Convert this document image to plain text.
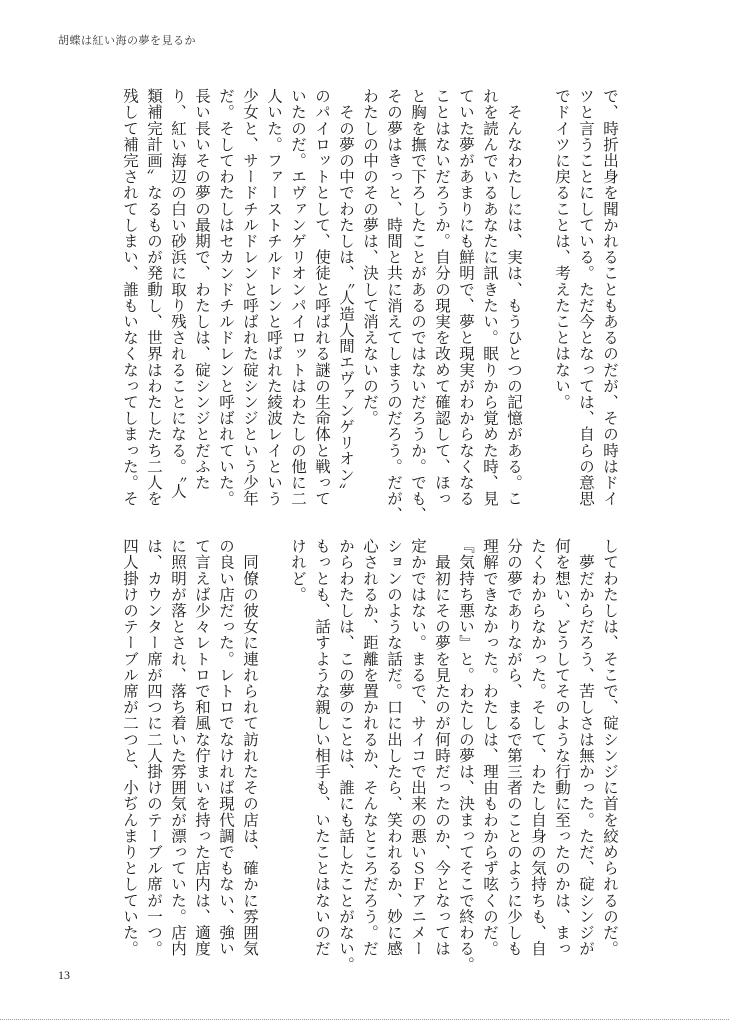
胡蝶は紅い海の夢を見るか
で、時折出身を聞かれることもあるのだが、その時はドイ
ツと言うことにしている。ただ今となっては、自らの意思
でドイツに戻ることは、考えたことはない。
　そんなわたしには、実は、もうひとつの記憶がある。こ
れを読んでいるあなたに訊きたい。眠りから覚めた時、見
ていた夢があまりにも鮮明で、夢と現実がわからなくなる
ことはないだろうか。自分の現実を改めて確認して、ほっ
と胸を撫で下ろしたことがあるのではないだろうか。でも、
その夢はきっと、時間と共に消えてしまうのだろう。だが、
わたしの中のその夢は、決して消えないのだ。
　その夢の中でわたしは、〝人造人間エヴァンゲリオン〟
のパイロットとして、使徒と呼ばれる謎の生命体と戦って
いたのだ。エヴァンゲリオンパイロットはわたしの他に二
人いた。ファーストチルドレンと呼ばれた綾波レイという
少女と、サードチルドレンと呼ばれた碇シンジという少年
だ。そしてわたしはセカンドチルドレンと呼ばれていた。
長い長いその夢の最期で、わたしは、碇シンジとだふた
り、紅い海辺の白い砂浜に取り残されることになる。〝人
類補完計画〟なるものが発動し、世界はわたしたち二人を
残して補完されてしまい、誰もいなくなってしまった。そ
してわたしは、そこで、碇シンジに首を絞められるのだ。
　夢だからだろう、苦しさは無かった。ただ、碇シンジが
何を想い、どうしてそのような行動に至ったのかは、まっ
たくわからなかった。そして、わたし自身の気持ちも、自
分の夢でありながら、まるで第三者のことのように少しも
理解できなかった。わたしは、理由もわからず呟くのだ。
『気持ち悪い』と。わたしの夢は、決まってそこで終わる。
　最初にその夢を見たのが何時だったのか、今となっては
定かではない。まるで、サイコで出来の悪いＳＦアニメー
ションのような話だ。口に出したら、笑われるか、妙に感
心されるか、距離を置かれるか、そんなところだろう。だ
からわたしは、この夢のことは、誰にも話したことがない。
もっとも、話すような親しい相手も、いたことはないのだ
けれど。
　同僚の彼女に連れられて訪れたその店は、確かに雰囲気
の良い店だった。レトロでなければ現代調でもない、強い
て言えば少々レトロで和風な佇まいを持った店内は、適度
に照明が落とされ、落ち着いた雰囲気が漂っていた。店内
は、カウンター席が四つに二人掛けのテーブル席が一つ。
四人掛けのテーブル席が二つと、小ぢんまりとしていた。
13
